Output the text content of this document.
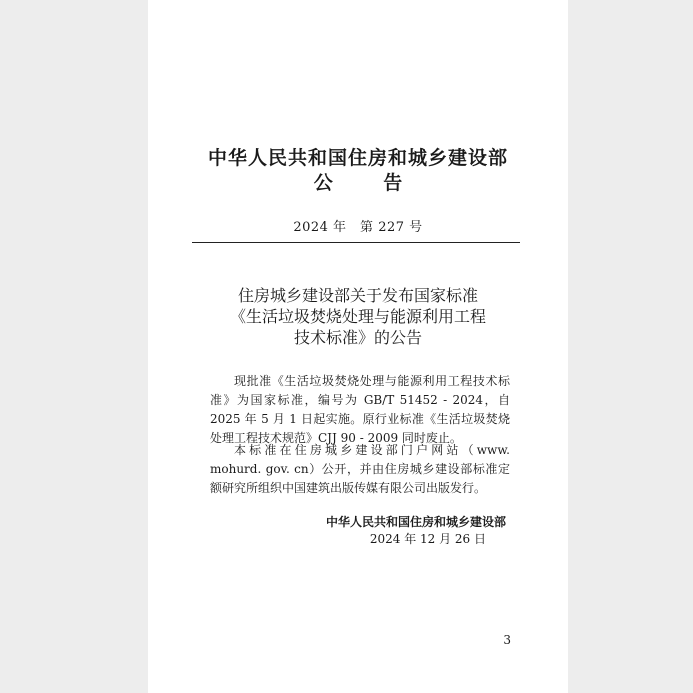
中华人民共和国住房和城乡建设部
公 告
2024 年　第 227 号
住房城乡建设部关于发布国家标准
《生活垃圾焚烧处理与能源利用工程
技术标准》的公告

现批准《生活垃圾焚烧处理与能源利用工程技术标准》为国家标准，编号为 GB/T 51452 - 2024，自 2025 年 5 月 1 日起实施。原行业标准《生活垃圾焚烧处理工程技术规范》CJJ 90 - 2009 同时废止。

本标准在住房城乡建设部门户网站（www. mohurd. gov. cn）公开，并由住房城乡建设部标准定额研究所组织中国建筑出版传媒有限公司出版发行。

中华人民共和国住房和城乡建设部
2024 年 12 月 26 日
3
